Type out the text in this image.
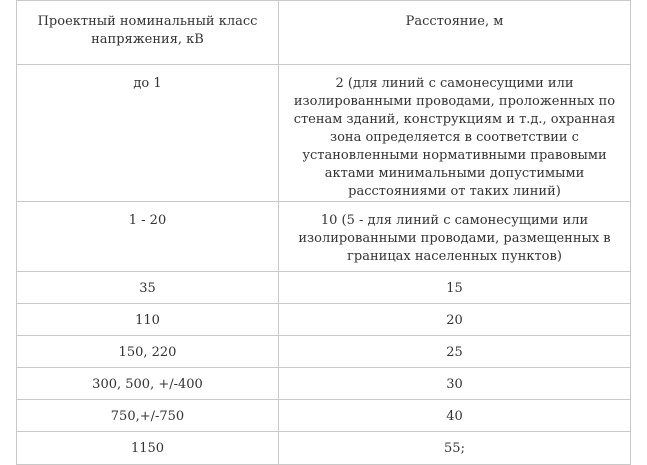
Проектный номинальный класс напряжения, кВ	Расстояние, м
до 1	2 (для линий с самонесущими или изолированными проводами, проложенных по стенам зданий, конструкциям и т.д., охранная зона определяется в соответствии с установленными нормативными правовыми актами минимальными допустимыми расстояниями от таких линий)
1 - 20	10 (5 - для линий с самонесущими или изолированными проводами, размещенных в границах населенных пунктов)
35	15
110	20
150, 220	25
300, 500, +/-400	30
750,+/-750	40
1150	55;
